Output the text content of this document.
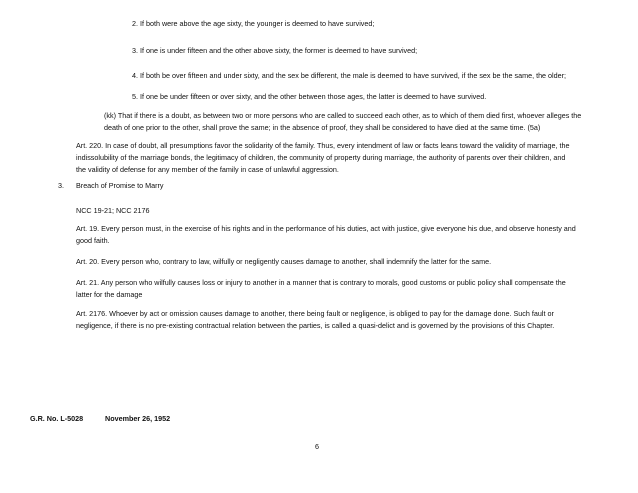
2. If both were above the age sixty, the younger is deemed to have survived;
3. If one is under fifteen and the other above sixty, the former is deemed to have survived;
4. If both be over fifteen and under sixty, and the sex be different, the male is deemed to have survived, if the sex be the same, the older;
5. If one be under fifteen or over sixty, and the other between those ages, the latter is deemed to have survived.
(kk) That if there is a doubt, as between two or more persons who are called to succeed each other, as to which of them died first, whoever alleges the
death of one prior to the other, shall prove the same; in the absence of proof, they shall be considered to have died at the same time. (5a)
Art. 220. In case of doubt, all presumptions favor the solidarity of the family. Thus, every intendment of law or facts leans toward the validity of marriage, the
indissolubility of the marriage bonds, the legitimacy of children, the community of property during marriage, the authority of parents over their children, and
the validity of defense for any member of the family in case of unlawful aggression.
3. Breach of Promise to Marry
NCC 19-21; NCC 2176
Art. 19. Every person must, in the exercise of his rights and in the performance of his duties, act with justice, give everyone his due, and observe honesty and
good faith.
Art. 20. Every person who, contrary to law, wilfully or negligently causes damage to another, shall indemnify the latter for the same.
Art. 21. Any person who wilfully causes loss or injury to another in a manner that is contrary to morals, good customs or public policy shall compensate the
latter for the damage
Art. 2176. Whoever by act or omission causes damage to another, there being fault or negligence, is obliged to pay for the damage done. Such fault or
negligence, if there is no pre-existing contractual relation between the parties, is called a quasi-delict and is governed by the provisions of this Chapter.
G.R. No. L-5028	November 26, 1952
6
